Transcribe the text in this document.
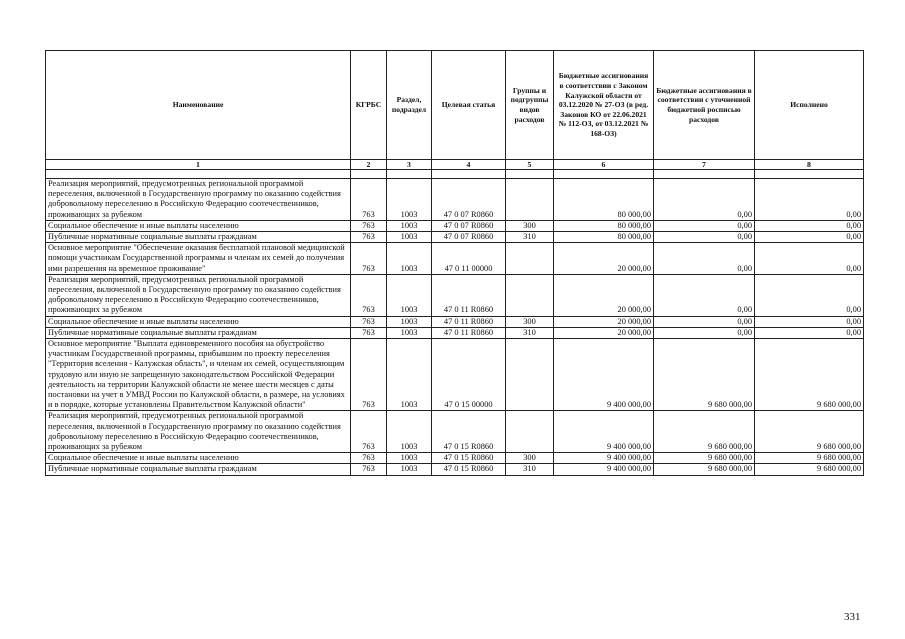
Наименование	КГРБС	Раздел, подраздел	Целевая статья	Группы и подгруппы видов расходов	Бюджетные ассигнования в соответствии с Законом Калужской области от 03.12.2020 № 27-ОЗ (в ред. Законов КО от 22.06.2021 № 112-ОЗ, от 03.12.2021 № 168-ОЗ)	Бюджетные ассигнования в соответствии с уточненной бюджетной росписью расходов	Исполнено
1	2	3	4	5	6	7	8

Реализация мероприятий, предусмотренных региональной программой переселения, включенной в Государственную программу по оказанию содействия добровольному переселению в Российскую Федерацию соотечественников, проживающих за рубежом	763	1003	47 0 07 R0860		80 000,00	0,00	0,00
Социальное обеспечение и иные выплаты населению	763	1003	47 0 07 R0860	300	80 000,00	0,00	0,00
Публичные нормативные социальные выплаты гражданам	763	1003	47 0 07 R0860	310	80 000,00	0,00	0,00
Основное мероприятие "Обеспечение оказания бесплатной плановой медицинской помощи участникам Государственной программы и членам их семей до получения ими разрешения на временное проживание"	763	1003	47 0 11 00000		20 000,00	0,00	0,00
Реализация мероприятий, предусмотренных региональной программой переселения, включенной в Государственную программу по оказанию содействия добровольному переселению в Российскую Федерацию соотечественников, проживающих за рубежом	763	1003	47 0 11 R0860		20 000,00	0,00	0,00
Социальное обеспечение и иные выплаты населению	763	1003	47 0 11 R0860	300	20 000,00	0,00	0,00
Публичные нормативные социальные выплаты гражданам	763	1003	47 0 11 R0860	310	20 000,00	0,00	0,00
Основное мероприятие "Выплата единовременного пособия на обустройство участникам Государственной программы, прибывшим по проекту переселения "Территория вселения - Калужская область", и членам их семей, осуществляющим трудовую или иную не запрещенную законодательством Российской Федерации деятельность на территории Калужской области не менее шести месяцев с даты постановки на учет в УМВД России по Калужской области, в размере, на условиях и в порядке, которые установлены Правительством Калужской области"	763	1003	47 0 15 00000		9 400 000,00	9 680 000,00	9 680 000,00
Реализация мероприятий, предусмотренных региональной программой переселения, включенной в Государственную программу по оказанию содействия добровольному переселению в Российскую Федерацию соотечественников, проживающих за рубежом	763	1003	47 0 15 R0860		9 400 000,00	9 680 000,00	9 680 000,00
Социальное обеспечение и иные выплаты населению	763	1003	47 0 15 R0860	300	9 400 000,00	9 680 000,00	9 680 000,00
Публичные нормативные социальные выплаты гражданам	763	1003	47 0 15 R0860	310	9 400 000,00	9 680 000,00	9 680 000,00
331
